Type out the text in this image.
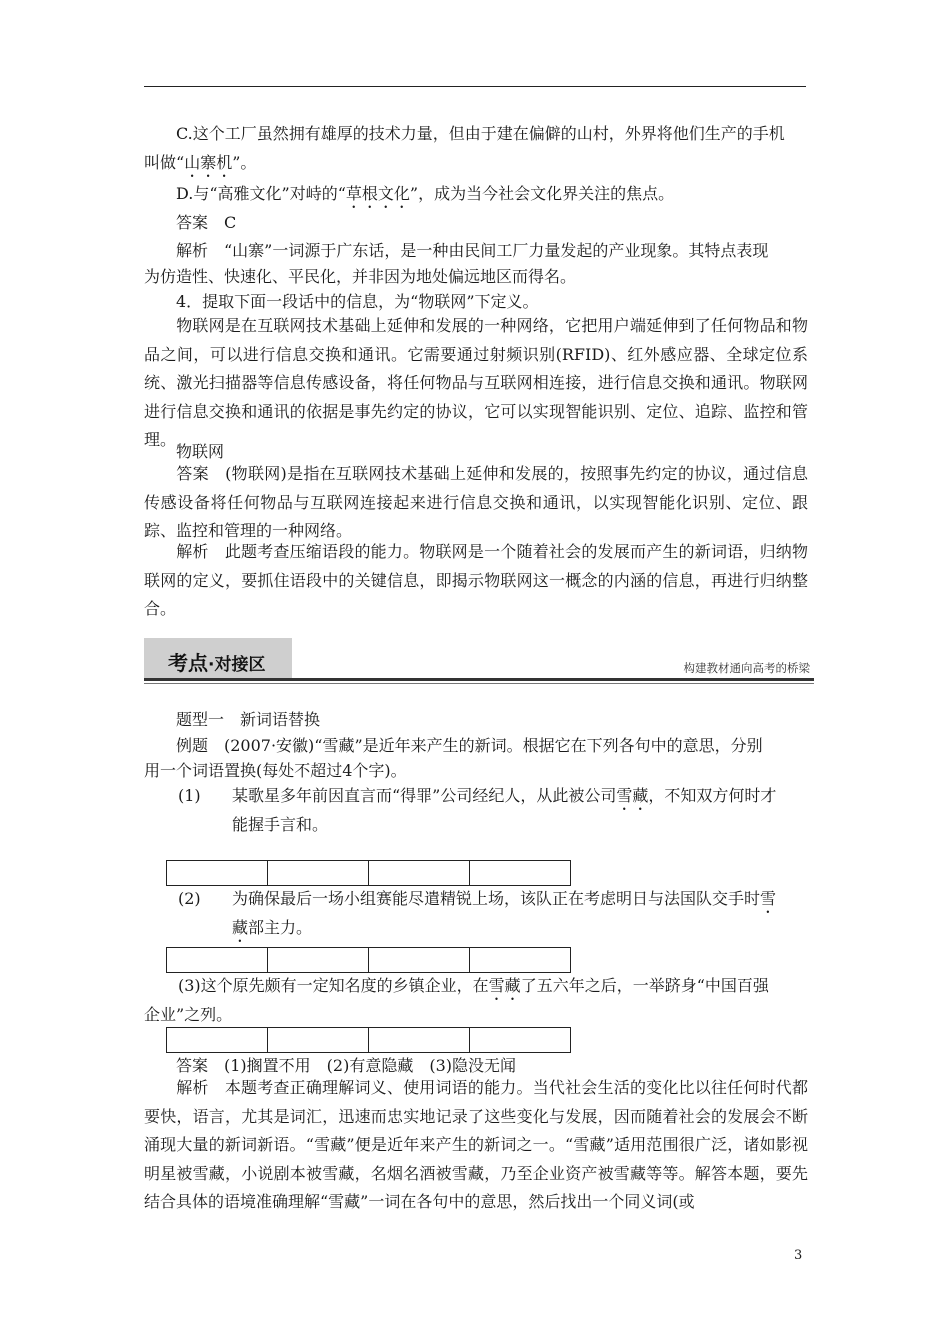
C.这个工厂虽然拥有雄厚的技术力量，但由于建在偏僻的山村，外界将他们生产的手机
叫做“山寨机”。
D.与“高雅文化”对峙的“草根文化”，成为当今社会文化界关注的焦点。
答案　C
解析　“山寨”一词源于广东话，是一种由民间工厂力量发起的产业现象。其特点表现
为仿造性、快速化、平民化，并非因为地处偏远地区而得名。
4．提取下面一段话中的信息，为“物联网”下定义。
物联网是在互联网技术基础上延伸和发展的一种网络，它把用户端延伸到了任何物品和物品之间，可以进行信息交换和通讯。它需要通过射频识别(RFID)、红外感应器、全球定位系统、激光扫描器等信息传感设备，将任何物品与互联网相连接，进行信息交换和通讯。物联网进行信息交换和通讯的依据是事先约定的协议，它可以实现智能识别、定位、追踪、监控和管理。
物联网
答案　(物联网)是指在互联网技术基础上延伸和发展的，按照事先约定的协议，通过信息传感设备将任何物品与互联网连接起来进行信息交换和通讯，以实现智能化识别、定位、跟踪、监控和管理的一种网络。
解析　此题考查压缩语段的能力。物联网是一个随着社会的发展而产生的新词语，归纳物联网的定义，要抓住语段中的关键信息，即揭示物联网这一概念的内涵的信息，再进行归纳整合。
考点·对接区	构建教材通向高考的桥梁
题型一　新词语替换
例题　(2007·安徽)“雪藏”是近年来产生的新词。根据它在下列各句中的意思，分别
用一个词语置换(每处不超过4个字)。
(1) 某歌星多年前因直言而“得罪”公司经纪人，从此被公司雪藏，不知双方何时才
能握手言和。

(2) 为确保最后一场小组赛能尽遣精锐上场，该队正在考虑明日与法国队交手时雪
藏部主力。

(3)这个原先颇有一定知名度的乡镇企业，在雪藏了五六年之后，一举跻身“中国百强
企业”之列。

答案　(1)搁置不用　(2)有意隐藏　(3)隐没无闻
解析　本题考查正确理解词义、使用词语的能力。当代社会生活的变化比以往任何时代都要快，语言，尤其是词汇，迅速而忠实地记录了这些变化与发展，因而随着社会的发展会不断涌现大量的新词新语。“雪藏”便是近年来产生的新词之一。“雪藏”适用范围很广泛，诸如影视明星被雪藏，小说剧本被雪藏，名烟名酒被雪藏，乃至企业资产被雪藏等等。解答本题，要先结合具体的语境准确理解“雪藏”一词在各句中的意思，然后找出一个同义词(或
3
